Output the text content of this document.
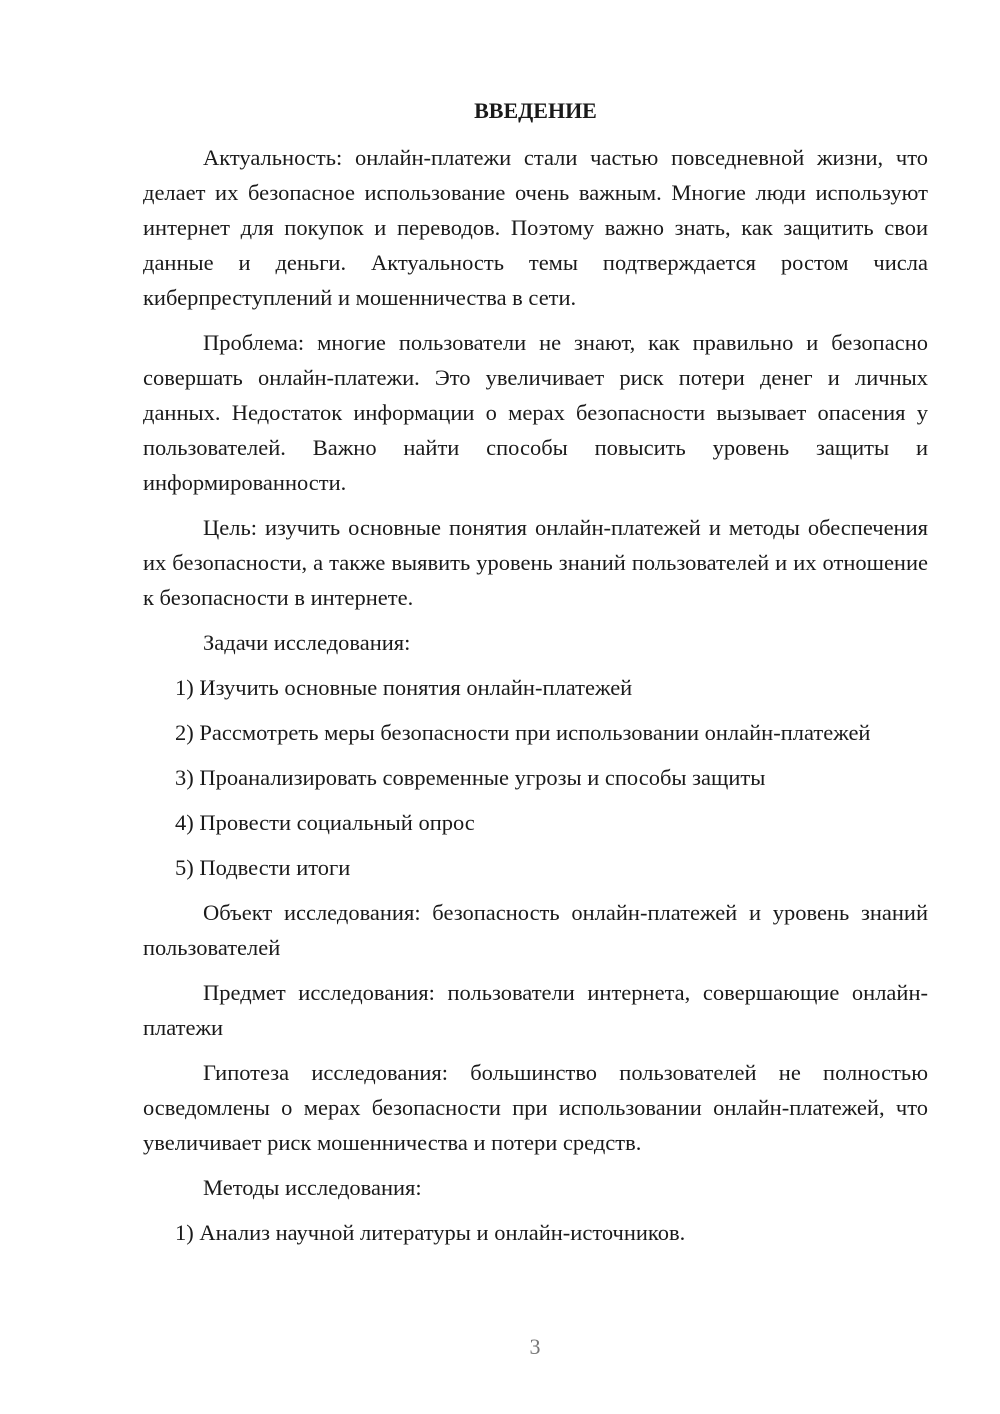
ВВЕДЕНИЕ

Актуальность: онлайн-платежи стали частью повседневной жизни, что делает их безопасное использование очень важным. Многие люди используют интернет для покупок и переводов. Поэтому важно знать, как защитить свои данные и деньги. Актуальность темы подтверждается ростом числа киберпреступлений и мошенничества в сети.

Проблема: многие пользователи не знают, как правильно и безопасно совершать онлайн-платежи. Это увеличивает риск потери денег и личных данных. Недостаток информации о мерах безопасности вызывает опасения у пользователей. Важно найти способы повысить уровень защиты и информированности.

Цель: изучить основные понятия онлайн-платежей и методы обеспечения их безопасности, а также выявить уровень знаний пользователей и их отношение к безопасности в интернете.

Задачи исследования:

1) Изучить основные понятия онлайн-платежей

2) Рассмотреть меры безопасности при использовании онлайн-платежей

3) Проанализировать современные угрозы и способы защиты

4) Провести социальный опрос

5) Подвести итоги

Объект исследования: безопасность онлайн-платежей и уровень знаний пользователей

Предмет исследования: пользователи интернета, совершающие онлайн-платежи

Гипотеза исследования: большинство пользователей не полностью осведомлены о мерах безопасности при использовании онлайн-платежей, что увеличивает риск мошенничества и потери средств.

Методы исследования:

1) Анализ научной литературы и онлайн-источников.

3
